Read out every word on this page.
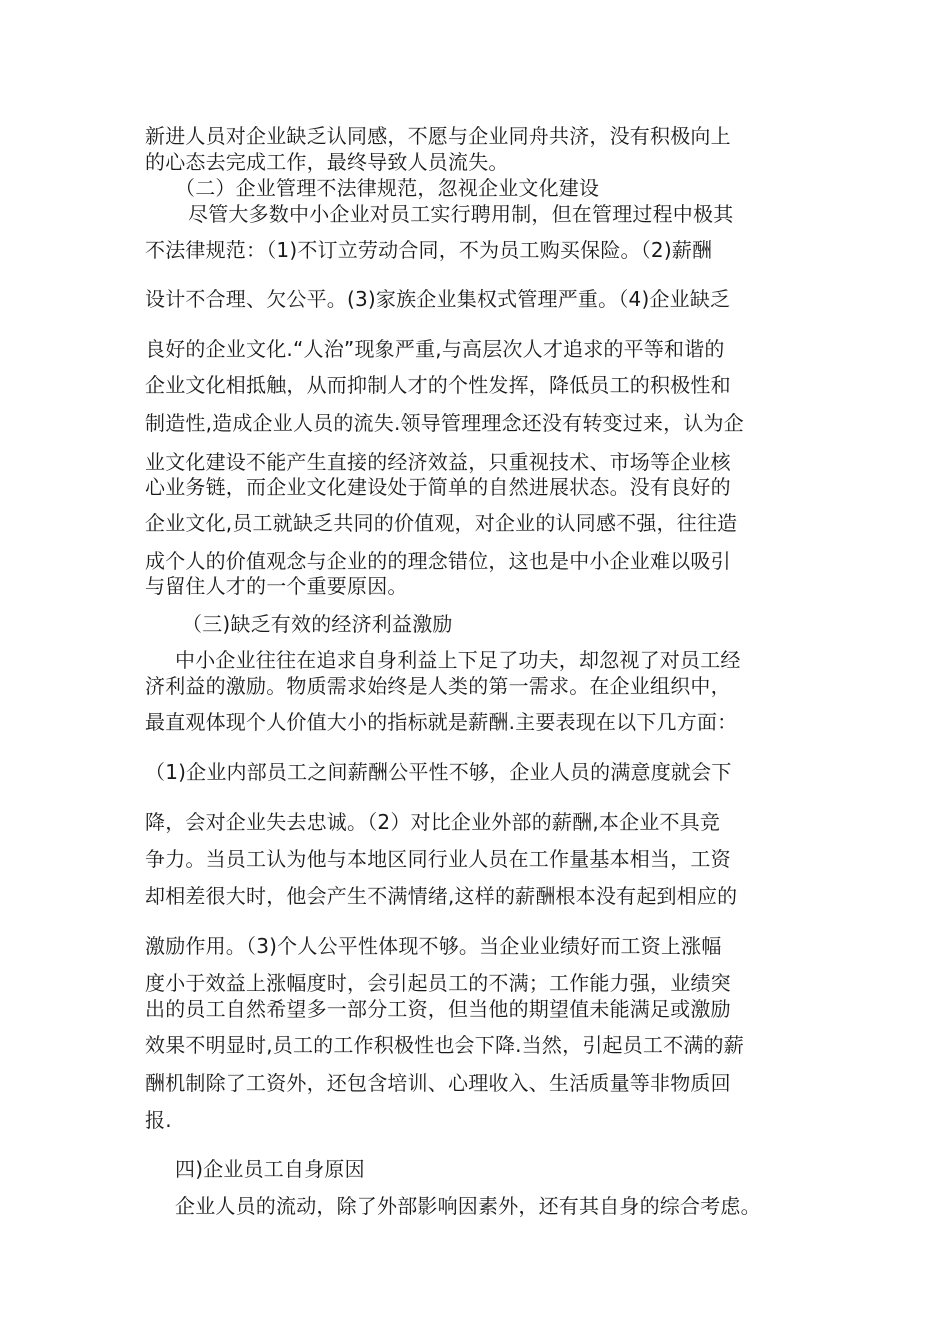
新进人员对企业缺乏认同感，不愿与企业同舟共济，没有积极向上
的心态去完成工作，最终导致人员流失。
（二）企业管理不法律规范，忽视企业文化建设
尽管大多数中小企业对员工实行聘用制，但在管理过程中极其
不法律规范：（1)不订立劳动合同，不为员工购买保险。（2)薪酬
设计不合理、欠公平。(3)家族企业集权式管理严重。（4)企业缺乏
良好的企业文化.“人治”现象严重,与高层次人才追求的平等和谐的
企业文化相抵触，从而抑制人才的个性发挥，降低员工的积极性和
制造性,造成企业人员的流失.领导管理理念还没有转变过来，认为企
业文化建设不能产生直接的经济效益，只重视技术、市场等企业核
心业务链，而企业文化建设处于简单的自然进展状态。没有良好的
企业文化,员工就缺乏共同的价值观，对企业的认同感不强，往往造
成个人的价值观念与企业的的理念错位，这也是中小企业难以吸引
与留住人才的一个重要原因。
（三)缺乏有效的经济利益激励
中小企业往往在追求自身利益上下足了功夫，却忽视了对员工经
济利益的激励。物质需求始终是人类的第一需求。在企业组织中，
最直观体现个人价值大小的指标就是薪酬.主要表现在以下几方面：
（1)企业内部员工之间薪酬公平性不够，企业人员的满意度就会下
降，会对企业失去忠诚。（2）对比企业外部的薪酬,本企业不具竞
争力。当员工认为他与本地区同行业人员在工作量基本相当，工资
却相差很大时，他会产生不满情绪,这样的薪酬根本没有起到相应的
激励作用。（3)个人公平性体现不够。当企业业绩好而工资上涨幅
度小于效益上涨幅度时，会引起员工的不满；工作能力强，业绩突
出的员工自然希望多一部分工资，但当他的期望值未能满足或激励
效果不明显时,员工的工作积极性也会下降.当然，引起员工不满的薪
酬机制除了工资外，还包含培训、心理收入、生活质量等非物质回
报.
四)企业员工自身原因
企业人员的流动，除了外部影响因素外，还有其自身的综合考虑。
